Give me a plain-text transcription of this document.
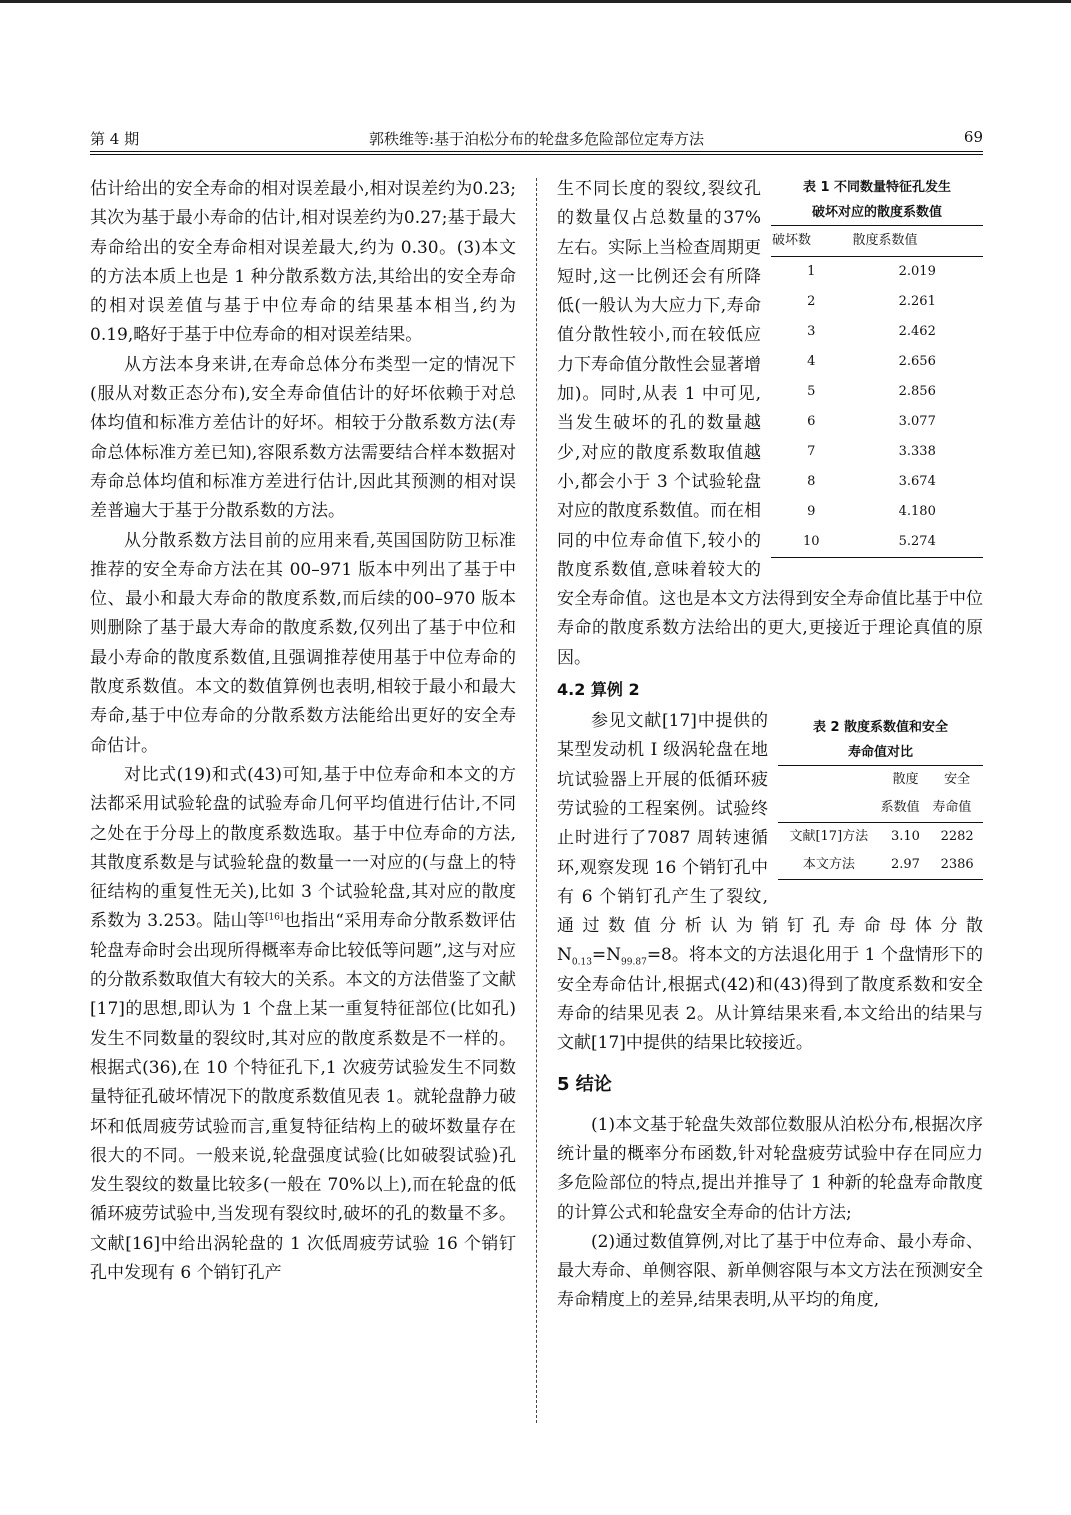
第 4 期	郭秩维等:基于泊松分布的轮盘多危险部位定寿方法	69

估计给出的安全寿命的相对误差最小,相对误差约为0.23;其次为基于最小寿命的估计,相对误差约为0.27;基于最大寿命给出的安全寿命相对误差最大,约为 0.30。(3)本文的方法本质上也是 1 种分散系数方法,其给出的安全寿命的相对误差值与基于中位寿命的结果基本相当,约为 0.19,略好于基于中位寿命的相对误差结果。

从方法本身来讲,在寿命总体分布类型一定的情况下(服从对数正态分布),安全寿命值估计的好坏依赖于对总体均值和标准方差估计的好坏。相较于分散系数方法(寿命总体标准方差已知),容限系数方法需要结合样本数据对寿命总体均值和标准方差进行估计,因此其预测的相对误差普遍大于基于分散系数的方法。

从分散系数方法目前的应用来看,英国国防防卫标准推荐的安全寿命方法在其 00–971 版本中列出了基于中位、最小和最大寿命的散度系数,而后续的00–970 版本则删除了基于最大寿命的散度系数,仅列出了基于中位和最小寿命的散度系数值,且强调推荐使用基于中位寿命的散度系数值。本文的数值算例也表明,相较于最小和最大寿命,基于中位寿命的分散系数方法能给出更好的安全寿命估计。

对比式(19)和式(43)可知,基于中位寿命和本文的方法都采用试验轮盘的试验寿命几何平均值进行估计,不同之处在于分母上的散度系数选取。基于中位寿命的方法,其散度系数是与试验轮盘的数量一一对应的(与盘上的特征结构的重复性无关),比如 3 个试验轮盘,其对应的散度系数为 3.253。陆山等[16]也指出“采用寿命分散系数评估轮盘寿命时会出现所得概率寿命比较低等问题”,这与对应的分散系数取值大有较大的关系。本文的方法借鉴了文献[17]的思想,即认为 1 个盘上某一重复特征部位(比如孔)发生不同数量的裂纹时,其对应的散度系数是不一样的。根据式(36),在 10 个特征孔下,1 次疲劳试验发生不同数量特征孔破坏情况下的散度系数值见表 1。就轮盘静力破坏和低周疲劳试验而言,重复特征结构上的破坏数量存在很大的不同。一般来说,轮盘强度试验(比如破裂试验)孔发生裂纹的数量比较多(一般在 70%以上),而在轮盘的低循环疲劳试验中,当发现有裂纹时,破坏的孔的数量不多。文献[16]中给出涡轮盘的 1 次低周疲劳试验 16 个销钉孔中发现有 6 个销钉孔产

表 1 不同数量特征孔发生
破坏对应的散度系数值
破坏数	散度系数值
1	2.019
2	2.261
3	2.462
4	2.656
5	2.856
6	3.077
7	3.338
8	3.674
9	4.180
10	5.274

生不同长度的裂纹,裂纹孔的数量仅占总数量的37%左右。实际上当检查周期更短时,这一比例还会有所降低(一般认为大应力下,寿命值分散性较小,而在较低应力下寿命值分散性会显著增加)。同时,从表 1 中可见,当发生破坏的孔的数量越少,对应的散度系数取值越小,都会小于 3 个试验轮盘对应的散度系数值。而在相同的中位寿命值下,较小的散度系数值,意味着较大的安全寿命值。这也是本文方法得到安全寿命值比基于中位寿命的散度系数方法给出的更大,更接近于理论真值的原因。

4.2 算例 2
表 2 散度系数值和安全
寿命值对比
	散度	安全
	系数值	寿命值
文献[17]方法	3.10	2282
本文方法	2.97	2386

参见文献[17]中提供的某型发动机 I 级涡轮盘在地坑试验器上开展的低循环疲劳试验的工程案例。试验终止时进行了7087 周转速循环,观察发现 16 个销钉孔中有 6 个销钉孔产生了裂纹,通过数值分析认为销钉孔寿命母体分散 $N_{0.13}=N_{99.87}=8$。将本文的方法退化用于 1 个盘情形下的安全寿命估计,根据式(42)和(43)得到了散度系数和安全寿命的结果见表 2。从计算结果来看,本文给出的结果与文献[17]中提供的结果比较接近。

5 结论

(1)本文基于轮盘失效部位数服从泊松分布,根据次序统计量的概率分布函数,针对轮盘疲劳试验中存在同应力多危险部位的特点,提出并推导了 1 种新的轮盘寿命散度的计算公式和轮盘安全寿命的估计方法;

(2)通过数值算例,对比了基于中位寿命、最小寿命、最大寿命、单侧容限、新单侧容限与本文方法在预测安全寿命精度上的差异,结果表明,从平均的角度,
